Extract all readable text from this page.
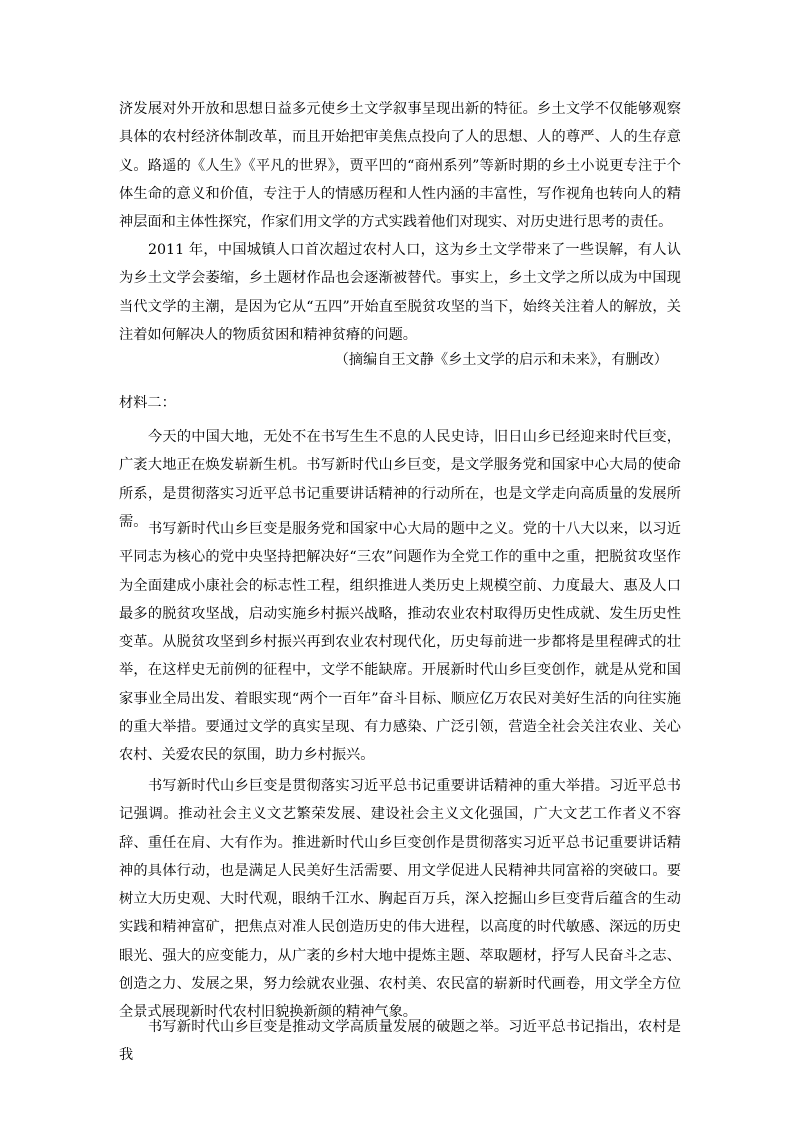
济发展对外开放和思想日益多元使乡土文学叙事呈现出新的特征。乡土文学不仅能够观察具体的农村经济体制改革，而且开始把审美焦点投向了人的思想、人的尊严、人的生存意义。路遥的《人生》《平凡的世界》，贾平凹的“商州系列”等新时期的乡土小说更专注于个体生命的意义和价值，专注于人的情感历程和人性内涵的丰富性，写作视角也转向人的精神层面和主体性探究，作家们用文学的方式实践着他们对现实、对历史进行思考的责任。

2011 年，中国城镇人口首次超过农村人口，这为乡土文学带来了一些误解，有人认为乡土文学会萎缩，乡土题材作品也会逐渐被替代。事实上，乡土文学之所以成为中国现当代文学的主潮，是因为它从“五四”开始直至脱贫攻坚的当下，始终关注着人的解放，关注着如何解决人的物质贫困和精神贫瘠的问题。

（摘编自王文静《乡土文学的启示和未来》，有删改）

材料二：

今天的中国大地，无处不在书写生生不息的人民史诗，旧日山乡已经迎来时代巨变，广袤大地正在焕发崭新生机。书写新时代山乡巨变，是文学服务党和国家中心大局的使命所系，是贯彻落实习近平总书记重要讲话精神的行动所在，也是文学走向高质量的发展所需。 书写新时代山乡巨变是服务党和国家中心大局的题中之义。党的十八大以来，以习近平同志为核心的党中央坚持把解决好“三农”问题作为全党工作的重中之重，把脱贫攻坚作为全面建成小康社会的标志性工程，组织推进人类历史上规模空前、力度最大、惠及人口最多的脱贫攻坚战，启动实施乡村振兴战略，推动农业农村取得历史性成就、发生历史性变革。从脱贫攻坚到乡村振兴再到农业农村现代化，历史每前进一步都将是里程碑式的壮举，在这样史无前例的征程中，文学不能缺席。开展新时代山乡巨变创作，就是从党和国家事业全局出发、着眼实现“两个一百年”奋斗目标、顺应亿万农民对美好生活的向往实施的重大举措。要通过文学的真实呈现、有力感染、广泛引领，营造全社会关注农业、关心农村、关爱农民的氛围，助力乡村振兴。

书写新时代山乡巨变是贯彻落实习近平总书记重要讲话精神的重大举措。习近平总书记强调。推动社会主义文艺繁荣发展、建设社会主义文化强国，广大文艺工作者义不容辞、重任在肩、大有作为。推进新时代山乡巨变创作是贯彻落实习近平总书记重要讲话精神的具体行动，也是满足人民美好生活需要、用文学促进人民精神共同富裕的突破口。要树立大历史观、大时代观，眼纳千江水、胸起百万兵，深入挖掘山乡巨变背后蕴含的生动实践和精神富矿，把焦点对准人民创造历史的伟大进程，以高度的时代敏感、深远的历史眼光、强大的应变能力，从广袤的乡村大地中提炼主题、萃取题材，抒写人民奋斗之志、创造之力、发展之果，努力绘就农业强、农村美、农民富的崭新时代画卷，用文学全方位全景式展现新时代农村旧貌换新颜的精神气象。

书写新时代山乡巨变是推动文学高质量发展的破题之举。习近平总书记指出，农村是我
